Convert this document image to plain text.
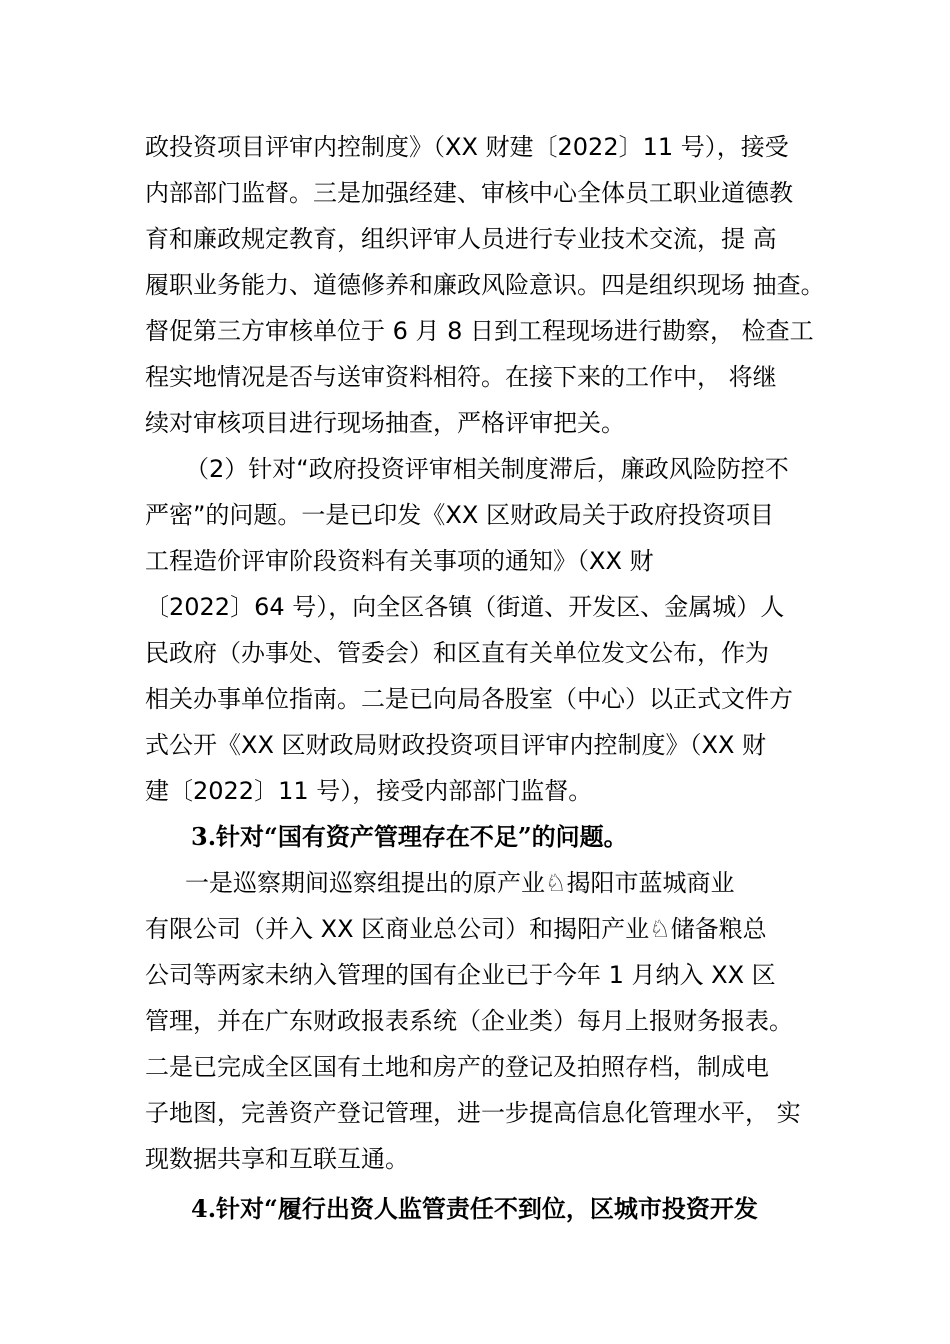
政投资项目评审内控制度》（XX 财建〔2022〕11 号），接受
内部部门监督。三是加强经建、审核中心全体员工职业道德教
育和廉政规定教育，组织评审人员进行专业技术交流，提 高
履职业务能力、道德修养和廉政风险意识。四是组织现场 抽查。
督促第三方审核单位于 6 月 8 日到工程现场进行勘察， 检查工
程实地情况是否与送审资料相符。在接下来的工作中， 将继
续对审核项目进行现场抽查，严格评审把关。
（2）针对“政府投资评审相关制度滞后，廉政风险防控不
严密”的问题。一是已印发《XX 区财政局关于政府投资项目
工程造价评审阶段资料有关事项的通知》（XX 财
〔2022〕64 号），向全区各镇（街道、开发区、金属城）人
民政府（办事处、管委会）和区直有关单位发文公布，作为
相关办事单位指南。二是已向局各股室（中心）以正式文件方
式公开《XX 区财政局财政投资项目评审内控制度》（XX 财
建〔2022〕11 号），接受内部部门监督。
3.针对“国有资产管理存在不足”的问题。
一是巡察期间巡察组提出的原产业♘揭阳市蓝城商业
有限公司（并入 XX 区商业总公司）和揭阳产业♘储备粮总
公司等两家未纳入管理的国有企业已于今年 1 月纳入 XX 区
管理，并在广东财政报表系统（企业类）每月上报财务报表。
二是已完成全区国有土地和房产的登记及拍照存档，制成电
子地图，完善资产登记管理，进一步提高信息化管理水平， 实
现数据共享和互联互通。
4.针对“履行出资人监管责任不到位，区城市投资开发
